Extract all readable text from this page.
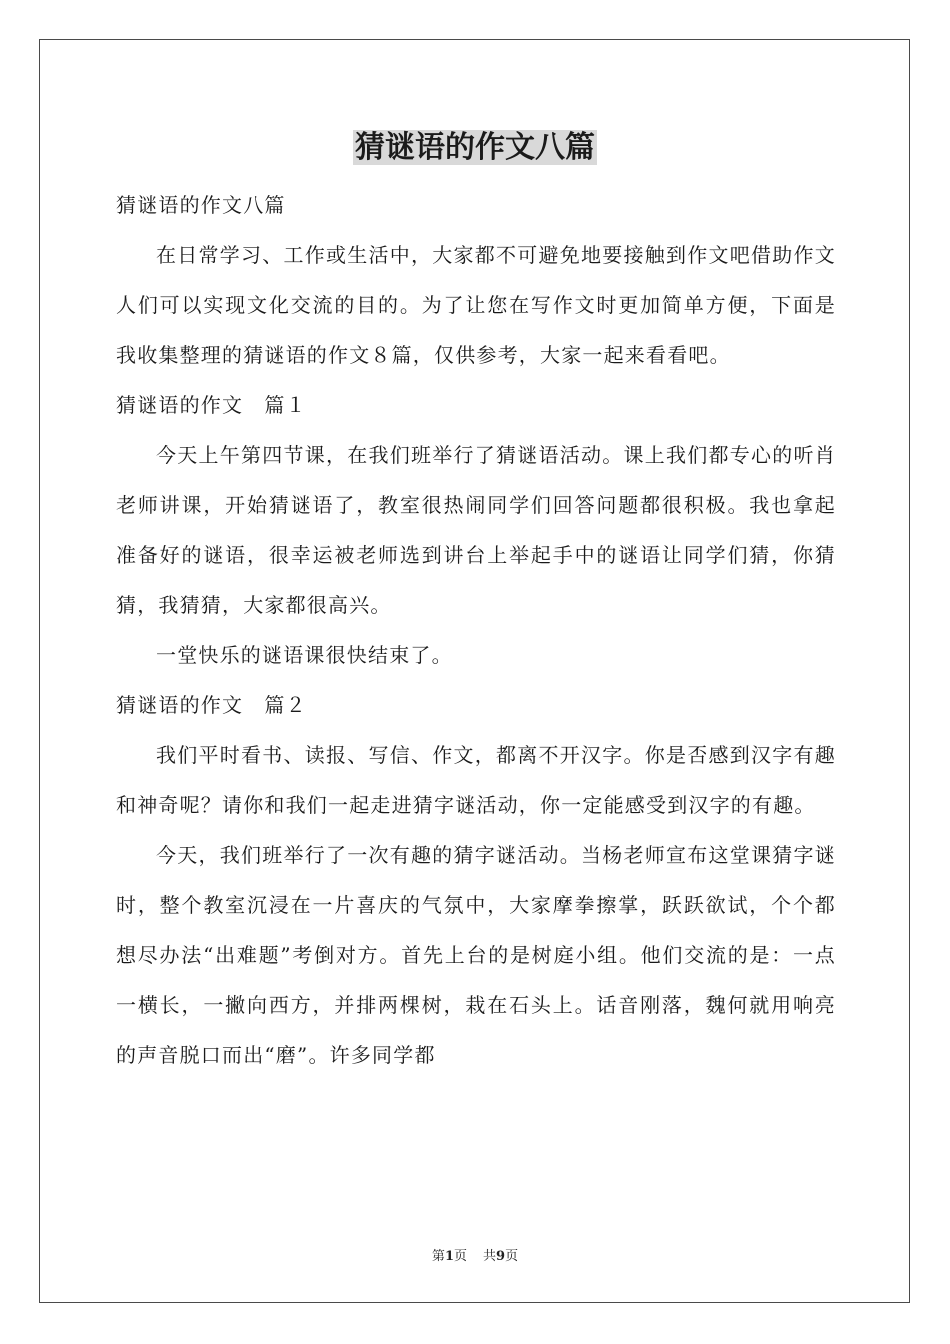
猜谜语的作文八篇

猜谜语的作文八篇

在日常学习、工作或生活中，大家都不可避免地要接触到作文吧借助作文人们可以实现文化交流的目的。为了让您在写作文时更加简单方便，下面是我收集整理的猜谜语的作文８篇，仅供参考，大家一起来看看吧。

猜谜语的作文　篇１

今天上午第四节课，在我们班举行了猜谜语活动。课上我们都专心的听肖老师讲课，开始猜谜语了，教室很热闹同学们回答问题都很积极。我也拿起准备好的谜语，很幸运被老师选到讲台上举起手中的谜语让同学们猜，你猜猜，我猜猜，大家都很高兴。

一堂快乐的谜语课很快结束了。

猜谜语的作文　篇２

我们平时看书、读报、写信、作文，都离不开汉字。你是否感到汉字有趣和神奇呢？请你和我们一起走进猜字谜活动，你一定能感受到汉字的有趣。

今天，我们班举行了一次有趣的猜字谜活动。当杨老师宣布这堂课猜字谜时，整个教室沉浸在一片喜庆的气氛中，大家摩拳擦掌，跃跃欲试，个个都想尽办法“出难题”考倒对方。首先上台的是树庭小组。他们交流的是：一点一横长，一撇向西方，并排两棵树，栽在石头上。话音刚落，魏何就用响亮的声音脱口而出“磨”。许多同学都

第1页 共9页
